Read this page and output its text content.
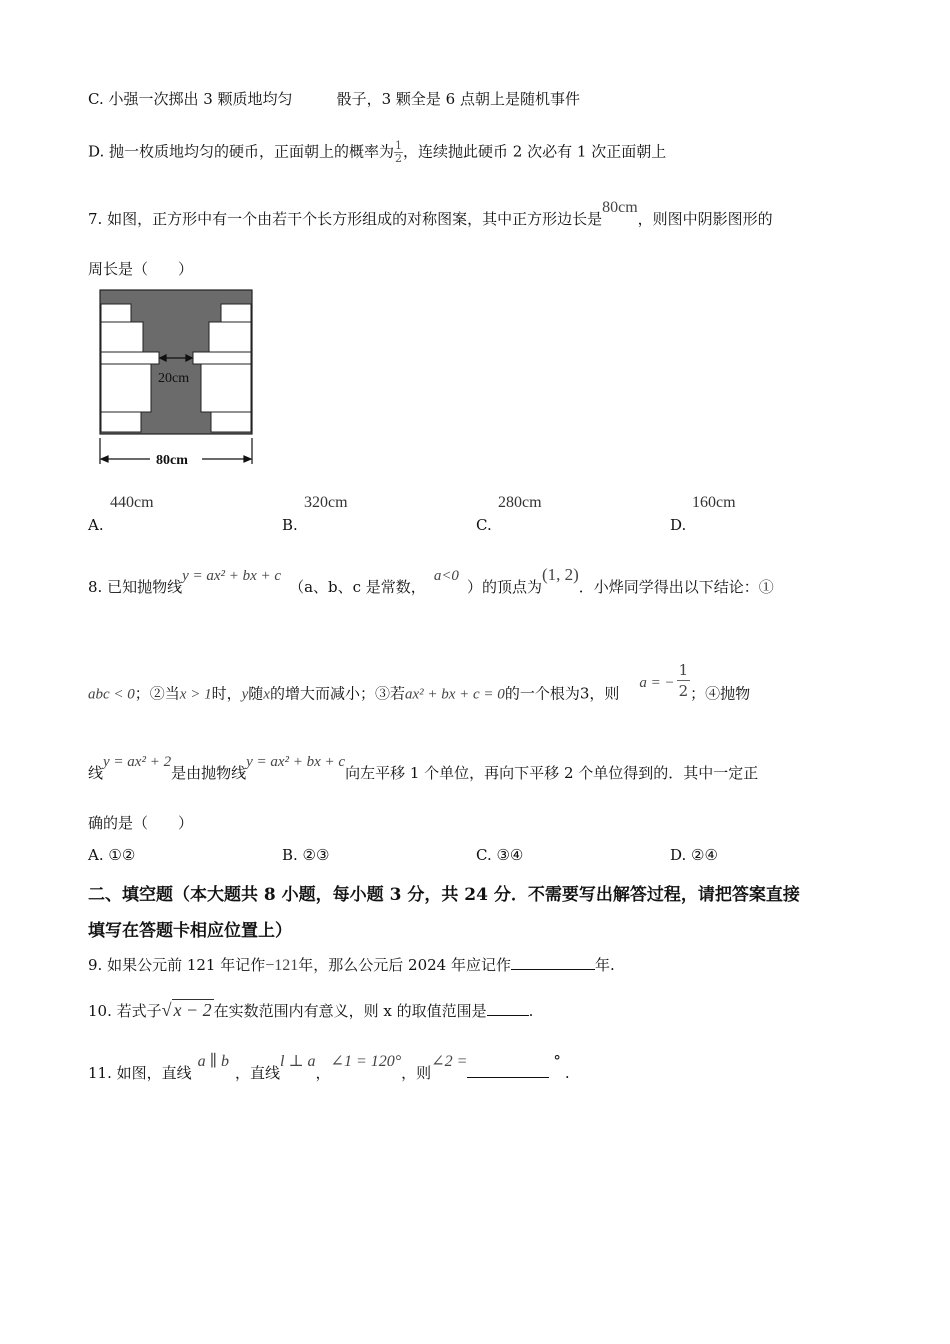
C. 小强一次掷出 3 颗质地均匀	骰子，3 颗全是 6 点朝上是随机事件
D. 抛一枚质地均匀的硬币，正面朝上的概率为 $\frac{1}{2}$ ，连续抛此硬币 2 次必有 1 次正面朝上
7. 如图，正方形中有一个由若干个长方形组成的对称图案，其中正方形边长是80cm，则图中阴影图形的
周长是（　　）
20cm
80cm
A.
440cm
B.
320cm
C.
280cm
D.
160cm
8. 已知抛物线y = ax² + bx + c（a、b、c 是常数，a<0）的顶点为(1, 2)．小烨同学得出以下结论：①
abc < 0；②当x > 1时，y随x的增大而减小；③若ax² + bx + c = 0的一个根为3，则a = − $\frac{1}{2}$ ；④抛物
线y = ax² + 2是由抛物线y = ax² + bx + c向左平移 1 个单位，再向下平移 2 个单位得到的．其中一定正
确的是（　　）
A. ①②	B. ②③	C. ③④	D. ②④
二、填空题（本大题共 8 小题，每小题 3 分，共 24 分．不需要写出解答过程，请把答案直接
填写在答题卡相应位置上）
9. 如果公元前 121 年记作−121年，那么公元后 2024 年应记作	年.
10. 若式子√ x − 2 在实数范围内有意义，则 x 的取值范围是	.
11. 如图，直线a ∥ b，直线l ⊥ a，∠1 = 120°，则∠2 =	°.
